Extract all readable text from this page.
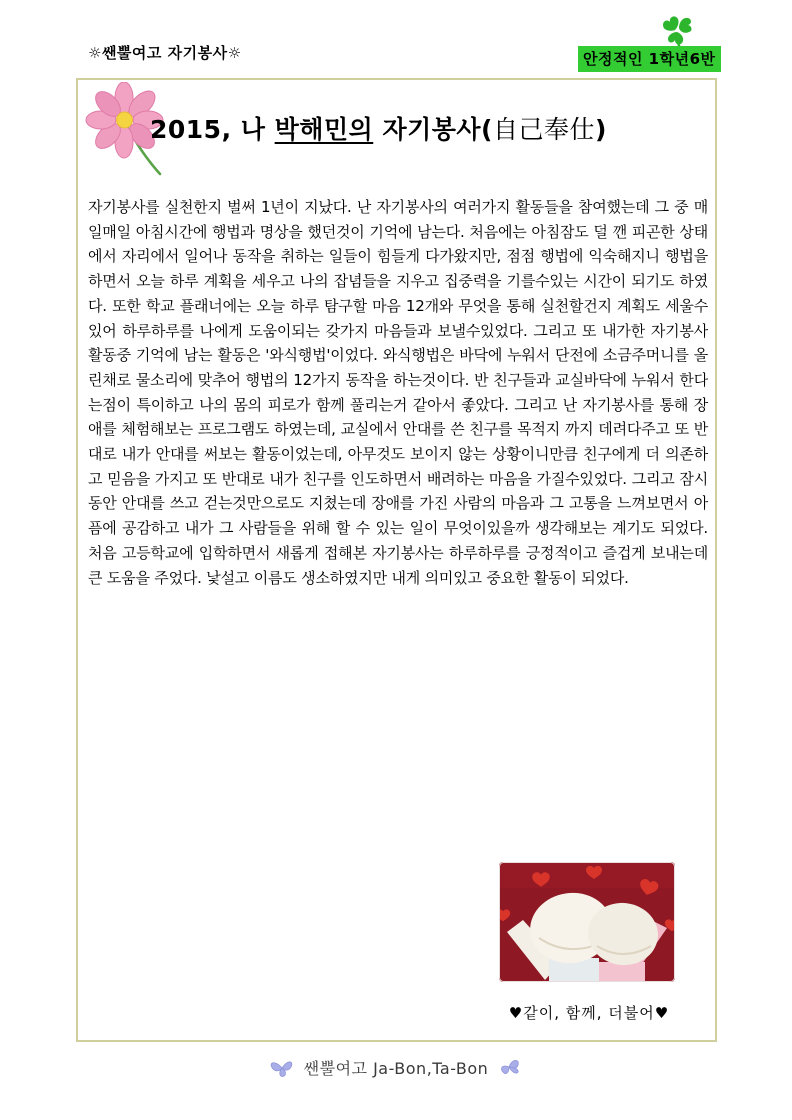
☼쌘뿔여고 자기봉사☼	안정적인 1학년6반
2015, 나 박해민의 자기봉사(自己奉仕)
자기봉사를 실천한지 벌써 1년이 지났다. 난 자기봉사의 여러가지 활동들을 참여했는데 그 중 매일매일 아침시간에 행법과 명상을 했던것이 기억에 남는다. 처음에는 아침잠도 덜 깬 피곤한 상태에서 자리에서 일어나 동작을 취하는 일들이 힘들게 다가왔지만, 점점 행법에 익숙해지니 행법을 하면서 오늘 하루 계획을 세우고 나의 잡념들을 지우고 집중력을 기를수있는 시간이 되기도 하였다. 또한 학교 플래너에는 오늘 하루 탐구할 마음 12개와 무엇을 통해 실천할건지 계획도 세울수있어 하루하루를 나에게 도움이되는 갖가지 마음들과 보낼수있었다. 그리고 또 내가한 자기봉사활동중 기억에 남는 활동은 '와식행법'이었다. 와식행법은 바닥에 누워서 단전에 소금주머니를 올린채로 물소리에 맞추어 행법의 12가지 동작을 하는것이다. 반 친구들과 교실바닥에 누워서 한다는점이 특이하고 나의 몸의 피로가 함께 풀리는거 같아서 좋았다. 그리고 난 자기봉사를 통해 장애를 체험해보는 프로그램도 하였는데, 교실에서 안대를 쓴 친구를 목적지 까지 데려다주고 또 반대로 내가 안대를 써보는 활동이었는데, 아무것도 보이지 않는 상황이니만큼 친구에게 더 의존하고 믿음을 가지고 또 반대로 내가 친구를 인도하면서 배려하는 마음을 가질수있었다. 그리고 잠시동안 안대를 쓰고 걷는것만으로도 지쳤는데 장애를 가진 사람의 마음과 그 고통을 느껴보면서 아픔에 공감하고 내가 그 사람들을 위해 할 수 있는 일이 무엇이있을까 생각해보는 계기도 되었다. 처음 고등학교에 입학하면서 새롭게 접해본 자기봉사는 하루하루를 긍정적이고 즐겁게 보내는데 큰 도움을 주었다. 낯설고 이름도 생소하였지만 내게 의미있고 중요한 활동이 되었다.
♥같이, 함께, 더불어♥
쌘뿔여고 Ja-Bon,Ta-Bon
